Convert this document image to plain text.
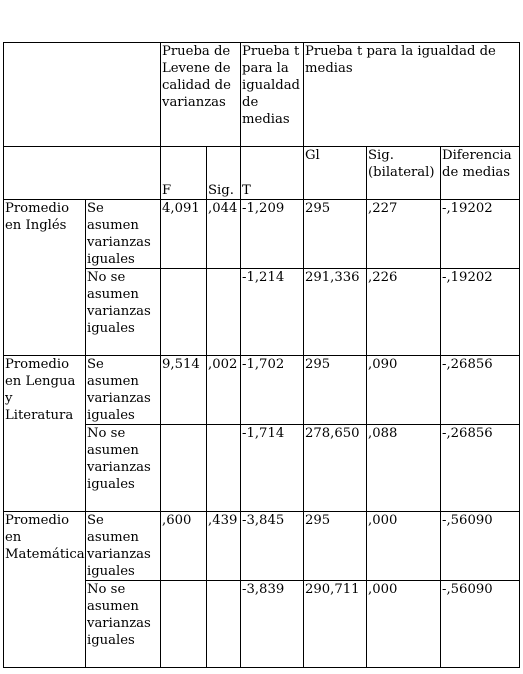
		Prueba de Levene de calidad de varianzas		Prueba t para la igualdad de medias	Prueba t para la igualdad de medias		
		F	Sig.	T	Gl	Sig. (bilateral)	Diferencia de medias
Promedio en Inglés	Se asumen varianzas iguales	4,091	,044	-1,209	295	,227	-,19202
	No se asumen varianzas iguales			-1,214	291,336	,226	-,19202
Promedio en Lengua y Literatura	Se asumen varianzas iguales	9,514	,002	-1,702	295	,090	-,26856
	No se asumen varianzas iguales			-1,714	278,650	,088	-,26856
Promedio en Matemática	Se asumen varianzas iguales	,600	,439	-3,845	295	,000	-,56090
	No se asumen varianzas iguales			-3,839	290,711	,000	-,56090
